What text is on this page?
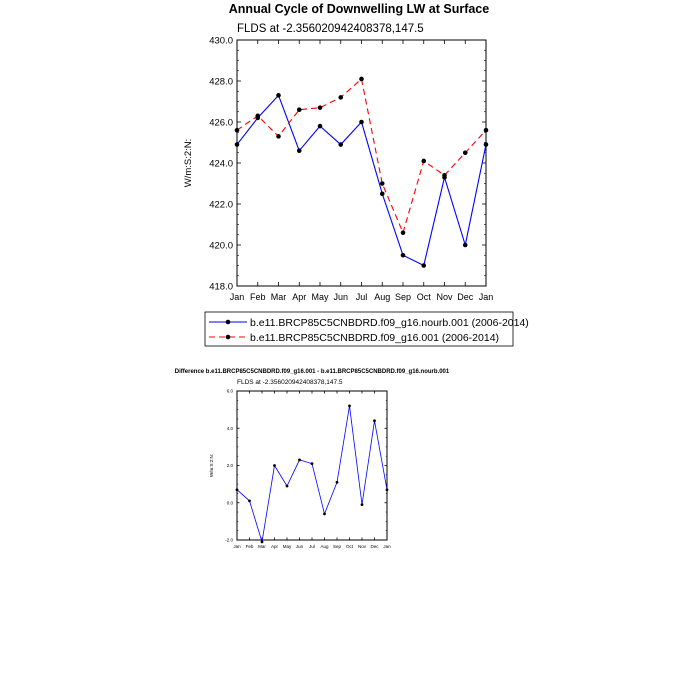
Annual Cycle of Downwelling LW at Surface
FLDS at -2.356020942408378,147.5
Difference b.e11.BRCP85C5CNBDRD.f09_g16.001 - b.e11.BRCP85C5CNBDRD.f09_g16.nourb.001
FLDS at -2.356020942408378,147.5
418.0
420.0
422.0
424.0
426.0
428.0
430.0
Jan Feb Mar Apr May Jun Jul Aug Sep Oct Nov Dec Jan
W/m:S:2:N:
b.e11.BRCP85C5CNBDRD.f09_g16.nourb.001 (2006-2014)
b.e11.BRCP85C5CNBDRD.f09_g16.001 (2006-2014)
-2.0
0.0
2.0
4.0
6.0
Jan Feb Mar Apr May Jun Jul Aug Sep Oct Nov Dec Jan
W/m:S:2:N:
